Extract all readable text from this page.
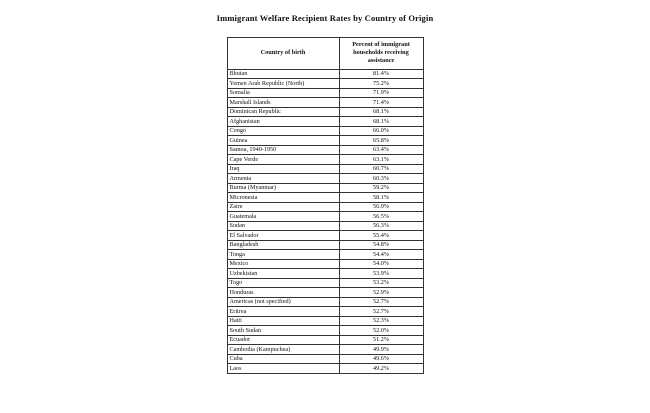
Immigrant Welfare Recipient Rates by Country of Origin
Country of birth	Percent of immigrant households receiving assistance
Bhutan	81.4%
Yemen Arab Republic (North)	75.2%
Somalia	71.9%
Marshall Islands	71.4%
Dominican Republic	68.1%
Afghanistan	68.1%
Congo	66.0%
Guinea	65.8%
Samoa, 1940-1950	63.4%
Cape Verde	63.1%
Iraq	60.7%
Armenia	60.3%
Burma (Myanmar)	59.2%
Micronesia	58.1%
Zaire	56.9%
Guatemala	56.5%
Sudan	56.3%
El Salvador	55.4%
Bangladesh	54.8%
Tonga	54.4%
Mexico	54.0%
Uzbekistan	53.9%
Togo	53.2%
Honduras	52.9%
Americas (not specified)	52.7%
Eritrea	52.7%
Haiti	52.3%
South Sudan	52.0%
Ecuador	51.2%
Cambodia (Kampuchea)	49.9%
Cuba	49.6%
Laos	49.2%
